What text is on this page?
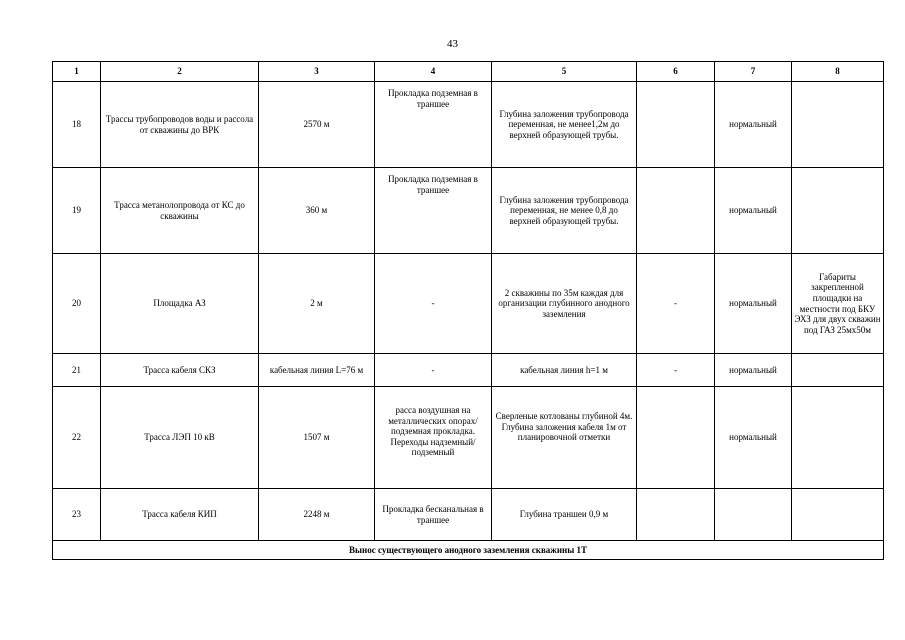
43
1	2	3	4	5	6	7	8
18	Трассы трубопроводов воды и рассола от скважины до ВРК	2570 м	Прокладка подземная в траншее	Глубина заложения трубопровода переменная, не менее1,2м до верхней образующей трубы.		нормальный	
19	Трасса метанолопровода от КС до скважины	360 м	Прокладка подземная в траншее	Глубина заложения трубопровода переменная, не менее 0,8 до верхней образующей трубы.		нормальный	
20	Площадка АЗ	2 м	-	2 скважины по 35м каждая для организации глубинного анодного заземления	-	нормальный	Габариты закрепленной площадки на местности под БКУ ЭХЗ для двух скважин под ГАЗ 25мх50м
21	Трасса кабеля СКЗ	кабельная линия L=76 м	-	кабельная линия h=1 м	-	нормальный	
22	Трасса ЛЭП 10 кВ	1507 м	расса воздушная на металлических опорах/подземная прокладка. Переходы надземный/подземный	Сверленые котлованы глубиной 4м. Глубина заложения кабеля 1м от планировочной отметки		нормальный	
23	Трасса кабеля КИП	2248 м	Прокладка бесканальная в траншее	Глубина траншеи 0,9 м			
Вынос существующего анодного заземления скважины 1Т							
